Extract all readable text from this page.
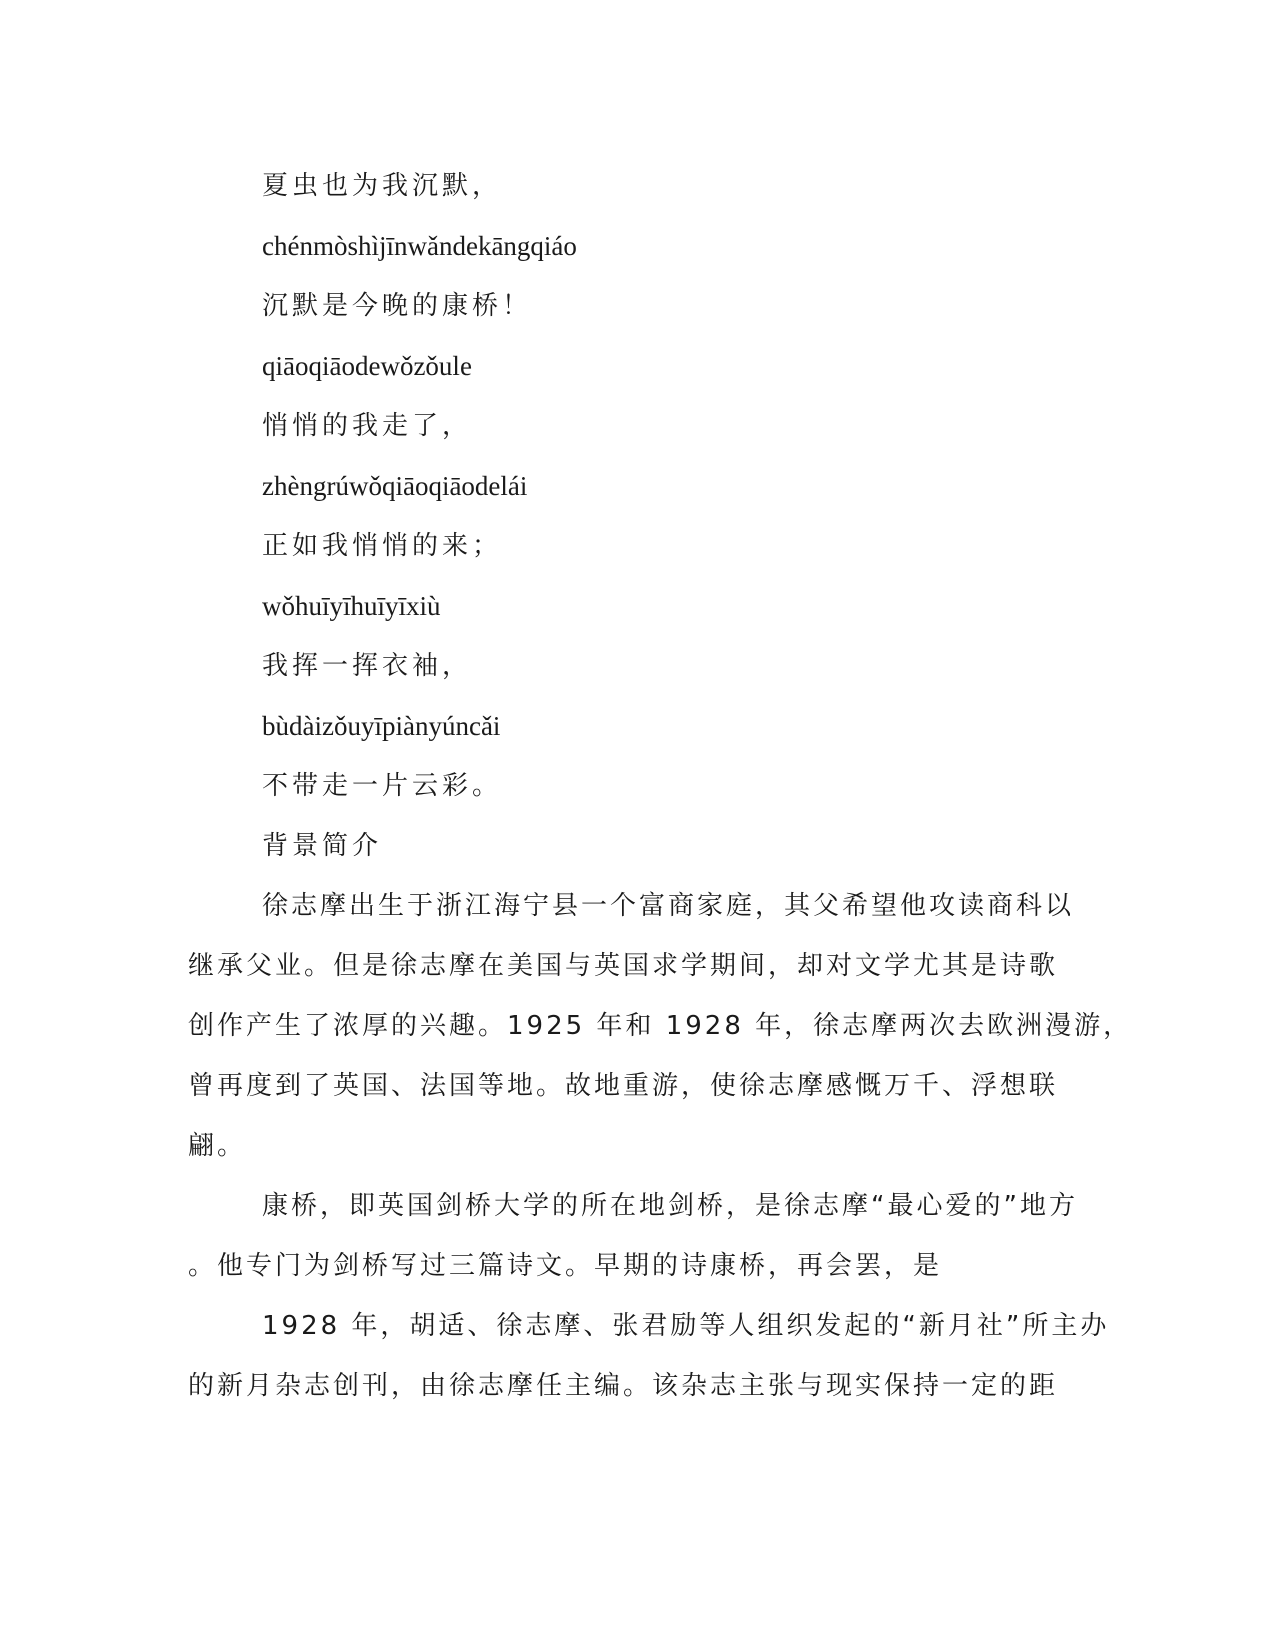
夏虫也为我沉默，

chénmòshìjīnwǎndekāngqiáo

沉默是今晚的康桥！

qiāoqiāodewǒzǒule

悄悄的我走了，

zhèngrúwǒqiāoqiāodelái

正如我悄悄的来；

wǒhuīyīhuīyīxiù

我挥一挥衣袖，

bùdàizǒuyīpiànyúncǎi

不带走一片云彩。

背景简介

徐志摩出生于浙江海宁县一个富商家庭，其父希望他攻读商科以

继承父业。但是徐志摩在美国与英国求学期间，却对文学尤其是诗歌

创作产生了浓厚的兴趣。1925 年和 1928 年，徐志摩两次去欧洲漫游，

曾再度到了英国、法国等地。故地重游，使徐志摩感慨万千、浮想联

翩。

康桥，即英国剑桥大学的所在地剑桥，是徐志摩“最心爱的”地方

。他专门为剑桥写过三篇诗文。早期的诗康桥，再会罢，是

1928 年，胡适、徐志摩、张君励等人组织发起的“新月社”所主办

的新月杂志创刊，由徐志摩任主编。该杂志主张与现实保持一定的距
